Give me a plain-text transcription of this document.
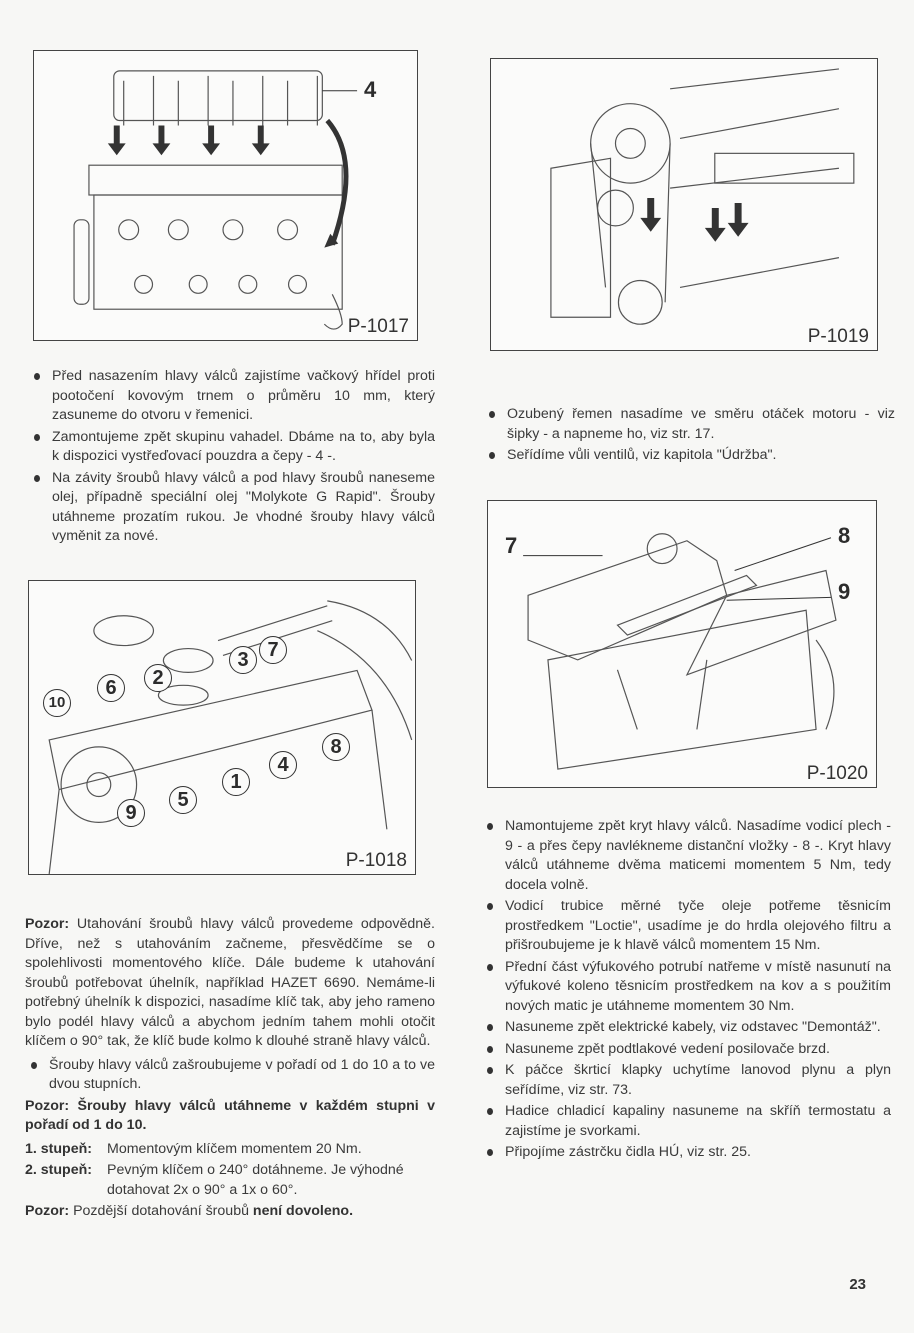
4
P-1017	P-1019
Před nasazením hlavy válců zajistíme vačkový hřídel proti pootočení kovovým trnem o průměru 10 mm, který zasuneme do otvoru v řemenici.
Zamontujeme zpět skupinu vahadel. Dbáme na to, aby byla k dispozici vystřeďovací pouzdra a čepy - 4 -.
Na závity šroubů hlavy válců a pod hlavy šroubů naneseme olej, případně speciální olej "Molykote G Rapid". Šrouby utáhneme prozatím rukou. Je vhodné šrouby hlavy válců vyměnit za nové.
Ozubený řemen nasadíme ve směru otáček motoru - viz šipky - a napneme ho, viz str. 17.
Seřídíme vůli ventilů, viz kapitola "Údržba".
7	8
9
P-1020
10
6	2
3 7
8
4
1
5
9
P-1018

Pozor: Utahování šroubů hlavy válců provedeme odpovědně. Dříve, než s utahováním začneme, přesvědčíme se o spolehlivosti momentového klíče. Dále budeme k utahování šroubů potřebovat úhelník, například HAZET 6690. Nemáme-li potřebný úhelník k dispozici, nasadíme klíč tak, aby jeho rameno bylo podél hlavy válců a abychom jedním tahem mohli otočit klíčem o 90° tak, že klíč bude kolmo k dlouhé straně hlavy válců.

Šrouby hlavy válců zašroubujeme v pořadí od 1 do 10 a to ve dvou stupních.

Pozor: Šrouby hlavy válců utáhneme v každém stupni v pořadí od 1 do 10.

1. stupeň:	Momentovým klíčem momentem 20 Nm.
2. stupeň:	Pevným klíčem o 240° dotáhneme. Je výhodné dotahovat 2x o 90° a 1x o 60°.

Pozor: Pozdější dotahování šroubů není dovoleno.

Namontujeme zpět kryt hlavy válců. Nasadíme vodicí plech - 9 - a přes čepy navlékneme distanční vložky - 8 -. Kryt hlavy válců utáhneme dvěma maticemi momentem 5 Nm, tedy docela volně.
Vodicí trubice měrné tyče oleje potřeme těsnicím prostředkem "Loctie", usadíme je do hrdla olejového filtru a přišroubujeme je k hlavě válců momentem 15 Nm.
Přední část výfukového potrubí natřeme v místě nasunutí na výfukové koleno těsnicím prostředkem na kov a s použitím nových matic je utáhneme momentem 30 Nm.
Nasuneme zpět elektrické kabely, viz odstavec "Demontáž".
Nasuneme zpět podtlakové vedení posilovače brzd.
K páčce škrticí klapky uchytíme lanovod plynu a plyn seřídíme, viz str. 73.
Hadice chladicí kapaliny nasuneme na skříň termostatu a zajistíme je svorkami.
Připojíme zástrčku čidla HÚ, viz str. 25.
23
